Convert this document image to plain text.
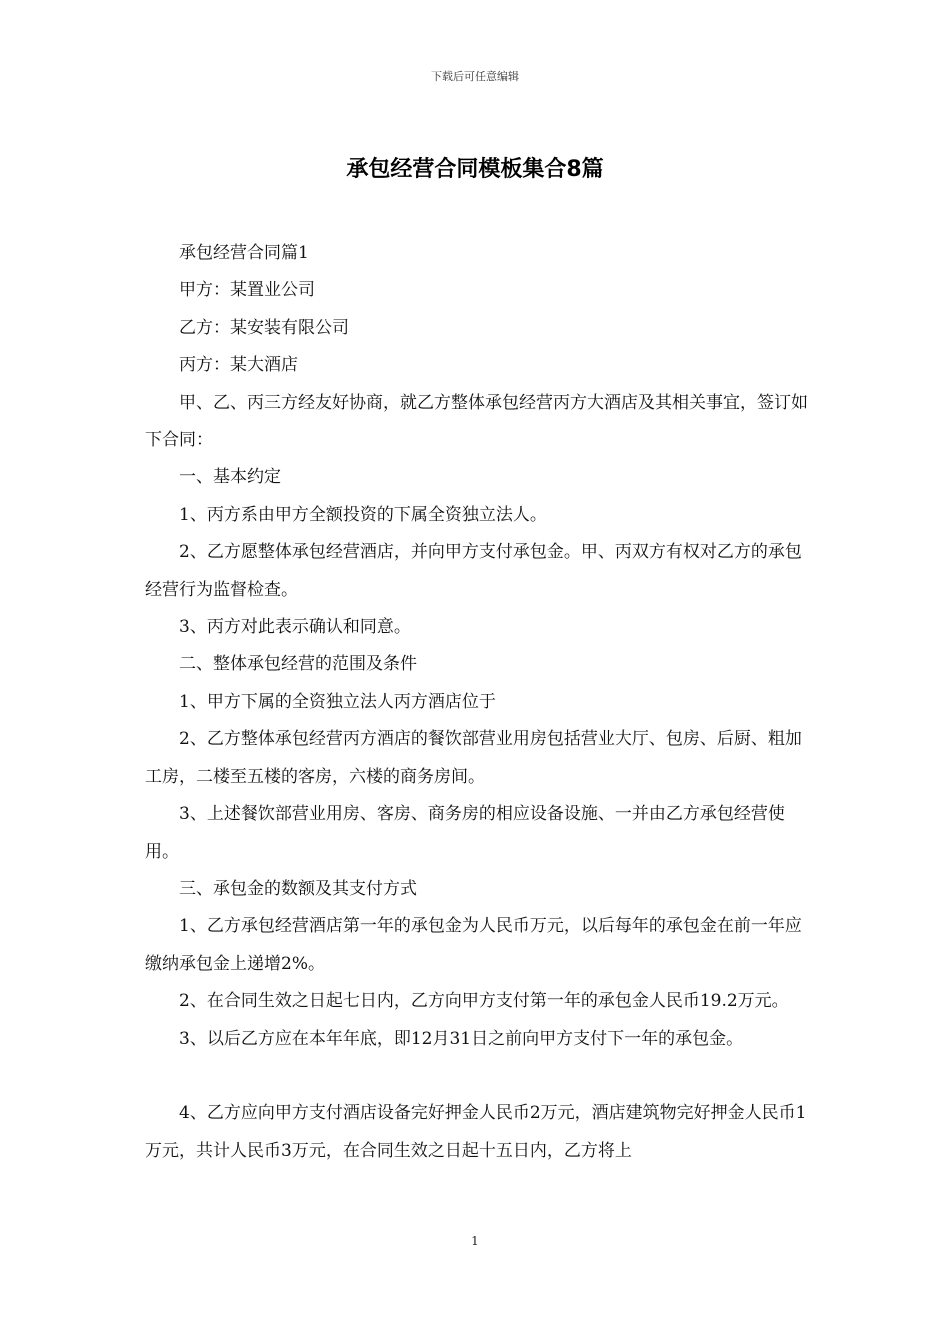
下载后可任意编辑
承包经营合同模板集合8篇

承包经营合同篇1

甲方：某置业公司

乙方：某安装有限公司

丙方：某大酒店

甲、乙、丙三方经友好协商，就乙方整体承包经营丙方大酒店及其相关事宜，签订如下合同：

一、基本约定

1、丙方系由甲方全额投资的下属全资独立法人。

2、乙方愿整体承包经营酒店，并向甲方支付承包金。甲、丙双方有权对乙方的承包经营行为监督检查。

3、丙方对此表示确认和同意。

二、整体承包经营的范围及条件

1、甲方下属的全资独立法人丙方酒店位于

2、乙方整体承包经营丙方酒店的餐饮部营业用房包括营业大厅、包房、后厨、粗加工房，二楼至五楼的客房，六楼的商务房间。

3、上述餐饮部营业用房、客房、商务房的相应设备设施、一并由乙方承包经营使用。

三、承包金的数额及其支付方式

1、乙方承包经营酒店第一年的承包金为人民币万元，以后每年的承包金在前一年应缴纳承包金上递增2%。

2、在合同生效之日起七日内，乙方向甲方支付第一年的承包金人民币19.2万元。

3、以后乙方应在本年年底，即12月31日之前向甲方支付下一年的承包金。

4、乙方应向甲方支付酒店设备完好押金人民币2万元，酒店建筑物完好押金人民币1万元，共计人民币3万元，在合同生效之日起十五日内，乙方将上

1
